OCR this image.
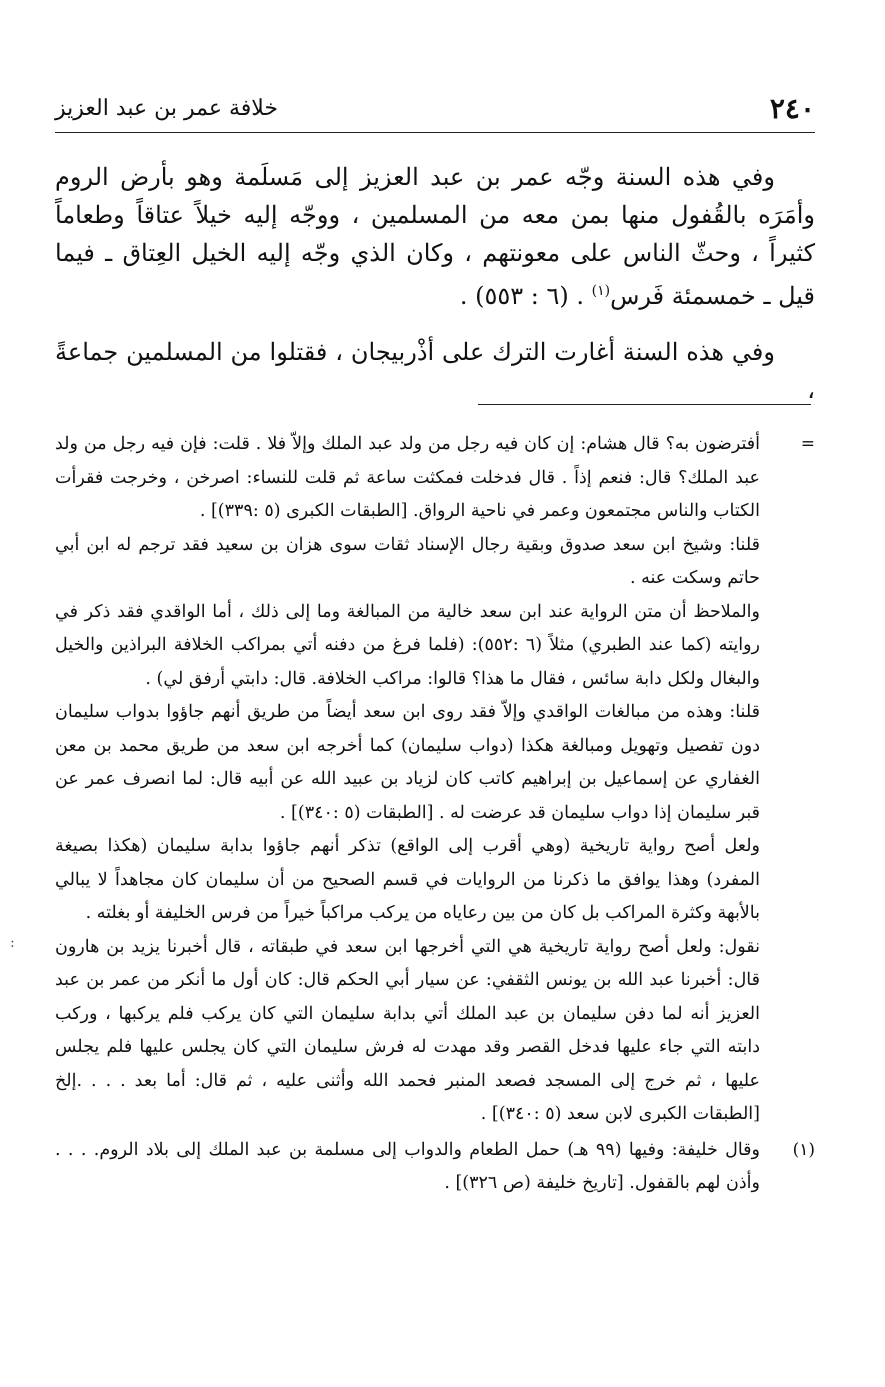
٢٤٠
خلافة عمر بن عبد العزيز

وفي هذه السنة وجّه عمر بن عبد العزيز إلى مَسلَمة وهو بأرض الروم وأمَرَه بالقُفول منها بمن معه من المسلمين ، ووجّه إليه خيلاً عتاقاً وطعاماً كثيراً ، وحثّ الناس على معونتهم ، وكان الذي وجّه إليه الخيل العِتاق ـ فيما قيل ـ خمسمئة فَرس$^{(١)}$ . (٦ : ٥٥٣) .

وفي هذه السنة أغارت الترك على أذْربيجان ، فقتلوا من المسلمين جماعةً ،

=

أفترضون به؟ قال هشام: إن كان فيه رجل من ولد عبد الملك وإلاّ فلا . قلت: فإن فيه رجل من ولد عبد الملك؟ قال: فنعم إذاً . قال فدخلت فمكثت ساعة ثم قلت للنساء: اصرخن ، وخرجت فقرأت الكتاب والناس مجتمعون وعمر في ناحية الرواق. [الطبقات الكبرى (٥ :٣٣٩)] .

قلنا: وشيخ ابن سعد صدوق وبقية رجال الإسناد ثقات سوى هزان بن سعيد فقد ترجم له ابن أبي حاتم وسكت عنه .

والملاحظ أن متن الرواية عند ابن سعد خالية من المبالغة وما إلى ذلك ، أما الواقدي فقد ذكر في روايته (كما عند الطبري) مثلاً (٦ :٥٥٢): (فلما فرغ من دفنه أتي بمراكب الخلافة البراذين والخيل والبغال ولكل دابة سائس ، فقال ما هذا؟ قالوا: مراكب الخلافة. قال: دابتي أرفق لي) .

قلنا: وهذه من مبالغات الواقدي وإلاّ فقد روى ابن سعد أيضاً من طريق أنهم جاؤوا بدواب سليمان دون تفصيل وتهويل ومبالغة هكذا (دواب سليمان) كما أخرجه ابن سعد من طريق محمد بن معن الغفاري عن إسماعيل بن إبراهيم كاتب كان لزياد بن عبيد الله عن أبيه قال: لما انصرف عمر عن قبر سليمان إذا دواب سليمان قد عرضت له . [الطبقات (٥ :٣٤٠)] .

ولعل أصح رواية تاريخية (وهي أقرب إلى الواقع) تذكر أنهم جاؤوا بدابة سليمان (هكذا بصيغة المفرد) وهذا يوافق ما ذكرنا من الروايات في قسم الصحيح من أن سليمان كان مجاهداً لا يبالي بالأبهة وكثرة المراكب بل كان من بين رعاياه من يركب مراكباً خيراً من فرس الخليفة أو بغلته .

نقول: ولعل أصح رواية تاريخية هي التي أخرجها ابن سعد في طبقاته ، قال أخبرنا يزيد بن هارون قال: أخبرنا عبد الله بن يونس الثقفي: عن سيار أبي الحكم قال: كان أول ما أنكر من عمر بن عبد العزيز أنه لما دفن سليمان بن عبد الملك أتي بدابة سليمان التي كان يركب فلم يركبها ، وركب دابته التي جاء عليها فدخل القصر وقد مهدت له فرش سليمان التي كان يجلس عليها فلم يجلس عليها ، ثم خرج إلى المسجد فصعد المنبر فحمد الله وأثنى عليه ، ثم قال: أما بعد . . . .إلخ [الطبقات الكبرى لابن سعد (٥ :٣٤٠)] .

(١)

وقال خليفة: وفيها (٩٩ هـ) حمل الطعام والدواب إلى مسلمة بن عبد الملك إلى بلاد الروم. . . . وأذن لهم بالقفول. [تاريخ خليفة (ص ٣٢٦)] .

:
